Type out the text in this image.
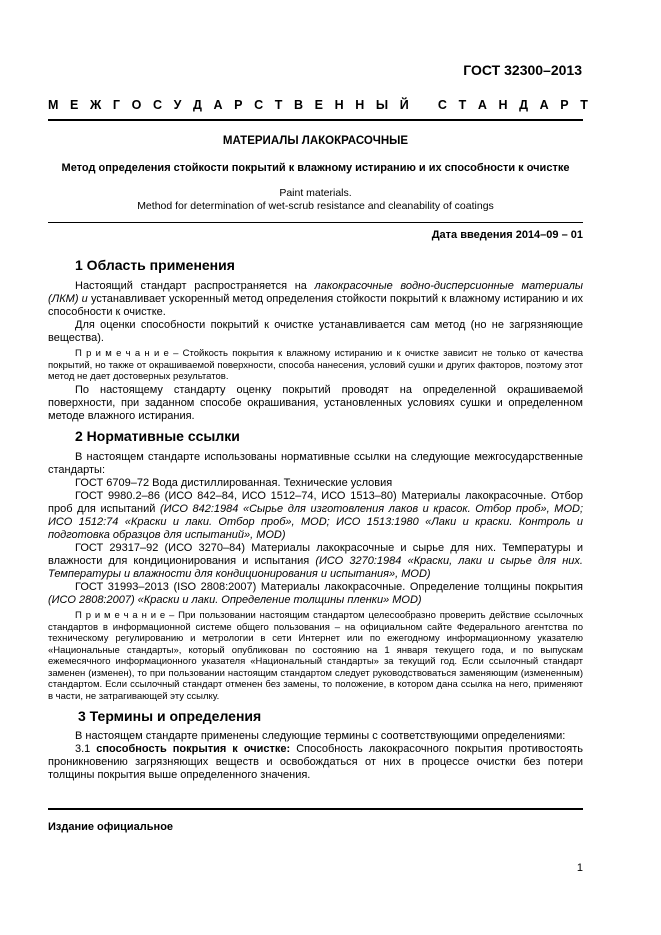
ГОСТ 32300–2013
М Е Ж Г О С У Д А Р С Т В Е Н Н Ы Й С Т А Н Д А Р Т
МАТЕРИАЛЫ ЛАКОКРАСОЧНЫЕ
Метод определения стойкости покрытий к влажному истиранию и их способности к очистке
Paint materials.
Method for determination of wet-scrub resistance and cleanability of coatings
Дата введения 2014–09 – 01
1 Область применения

Настоящий стандарт распространяется на лакокрасочные водно-дисперсионные материалы (ЛКМ) и устанавливает ускоренный метод определения стойкости покрытий к влажному истиранию и их способности к очистке.

Для оценки способности покрытий к очистке устанавливается сам метод (но не загрязняющие вещества).

П р и м е ч а н и е – Стойкость покрытия к влажному истиранию и к очистке зависит не только от качества покрытий, но также от окрашиваемой поверхности, способа нанесения, условий сушки и других факторов, поэтому этот метод не дает достоверных результатов.

По настоящему стандарту оценку покрытий проводят на определенной окрашиваемой поверхности, при заданном способе окрашивания, установленных условиях сушки и определенном методе влажного истирания.

2 Нормативные ссылки

В настоящем стандарте использованы нормативные ссылки на следующие межгосударственные стандарты:

ГОСТ 6709–72 Вода дистиллированная. Технические условия

ГОСТ 9980.2–86 (ИСО 842–84, ИСО 1512–74, ИСО 1513–80) Материалы лакокрасочные. Отбор проб для испытаний (ИСО 842:1984 «Сырье для изготовления лаков и красок. Отбор проб», MOD; ИСО 1512:74 «Краски и лаки. Отбор проб», MOD; ИСО 1513:1980 «Лаки и краски. Контроль и подготовка образцов для испытаний», MOD)

ГОСТ 29317–92 (ИСО 3270–84) Материалы лакокрасочные и сырье для них. Температуры и влажности для кондиционирования и испытания (ИСО 3270:1984 «Краски, лаки и сырье для них. Температуры и влажности для кондиционирования и испытания», MOD)

ГОСТ 31993–2013 (ISO 2808:2007) Материалы лакокрасочные. Определение толщины покрытия (ИСО 2808:2007) «Краски и лаки. Определение толщины пленки» MOD)

П р и м е ч а н и е – При пользовании настоящим стандартом целесообразно проверить действие ссылочных стандартов в информационной системе общего пользования – на официальном сайте Федерального агентства по техническому регулированию и метрологии в сети Интернет или по ежегодному информационному указателю «Национальные стандарты», который опубликован по состоянию на 1 января текущего года, и по выпускам ежемесячного информационного указателя «Национальный стандарты» за текущий год. Если ссылочный стандарт заменен (изменен), то при пользовании настоящим стандартом следует руководствоваться заменяющим (измененным) стандартом. Если ссылочный стандарт отменен без замены, то положение, в котором дана ссылка на него, применяют в части, не затрагивающей эту ссылку.

3 Термины и определения

В настоящем стандарте применены следующие термины с соответствующими определениями:

3.1 способность покрытия к очистке: Способность лакокрасочного покрытия противостоять проникновению загрязняющих веществ и освобождаться от них в процессе очистки без потери толщины покрытия выше определенного значения.

Издание официальное
1
